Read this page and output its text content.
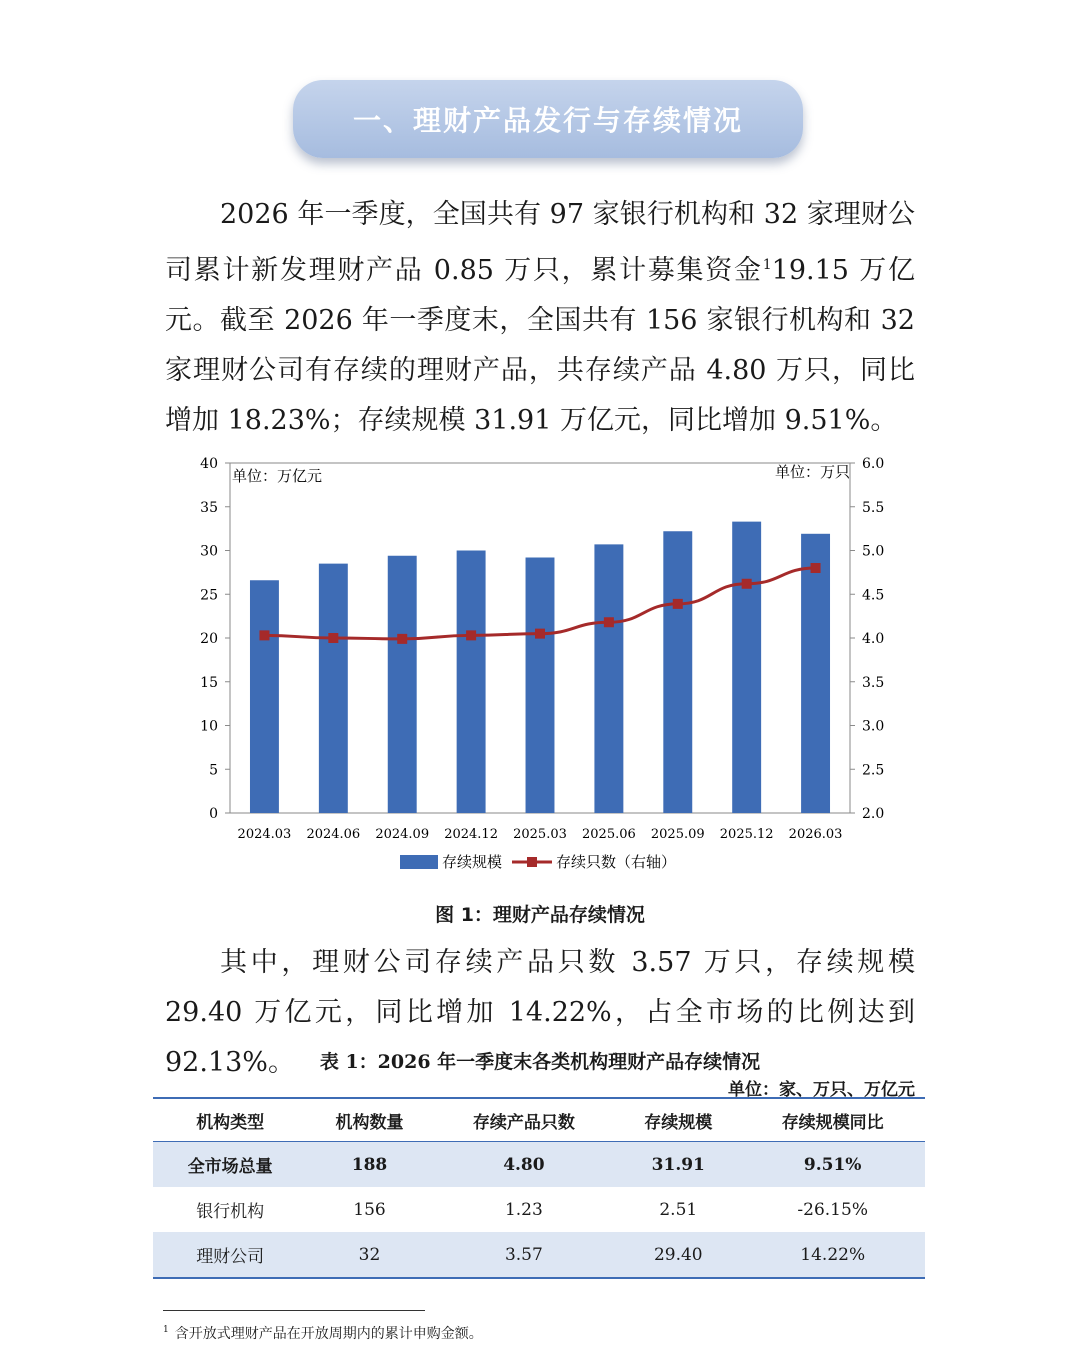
一、理财产品发行与存续情况

2026 年一季度，全国共有 97 家银行机构和 32 家理财公司累计新发理财产品 0.85 万只，累计募集资金$^1$19.15 万亿元。截至 2026 年一季度末，全国共有 156 家银行机构和 32 家理财公司有存续的理财产品，共存续产品 4.80 万只，同比增加 18.23%；存续规模 31.91 万亿元，同比增加 9.51%。

0
5
10
15
20
25
30
35
40
2.0
2.5
3.0
3.5
4.0
4.5
5.0
5.5
6.0
2024.03 2024.06 2024.09 2024.12 2025.03 2025.06 2025.09 2025.12 2026.03
单位：万亿元	单位：万只
存续规模	存续只数（右轴）
图 1：理财产品存续情况

其中，理财公司存续产品只数 3.57 万只，存续规模 29.40 万亿元，同比增加 14.22%，占全市场的比例达到 92.13%。	表 1：2026 年一季度末各类机构理财产品存续情况
单位：家、万只、万亿元
机构类型	机构数量	存续产品只数	存续规模	存续规模同比
全市场总量	188	4.80	31.91	9.51%
银行机构	156	1.23	2.51	-26.15%
理财公司	32	3.57	29.40	14.22%
$^1$ 含开放式理财产品在开放周期内的累计申购金额。
